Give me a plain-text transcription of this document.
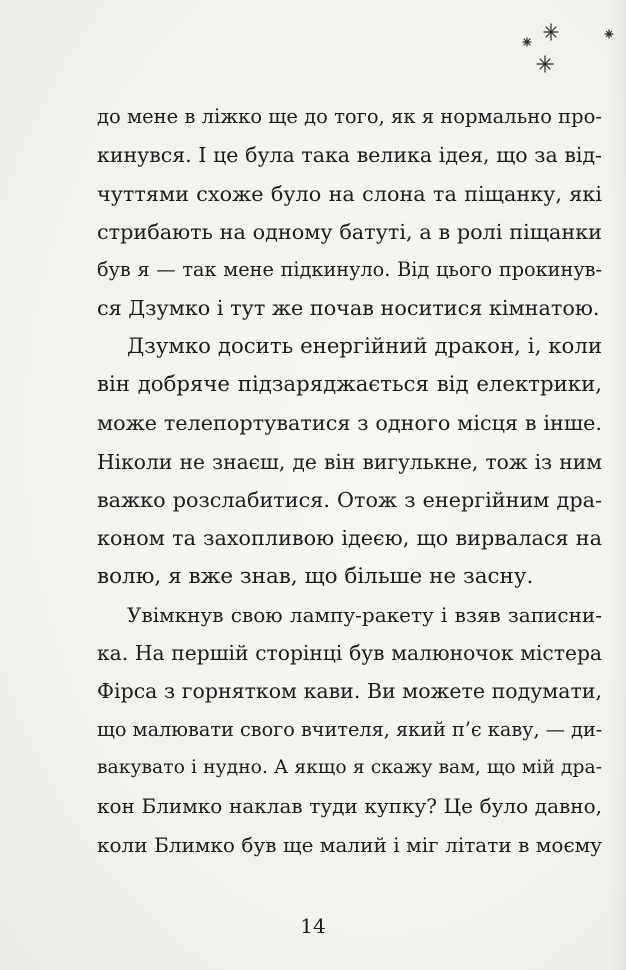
до мене в ліжко ще до того, як я нормально про-
кинувся. І це була така велика ідея, що за від-
чуттями схоже було на слона та піщанку, які
стрибають на одному батуті, а в ролі піщанки
був я — так мене підкинуло. Від цього прокинув-
ся Дзумко і тут же почав носитися кімнатою.
Дзумко досить енергійний дракон, і, коли
він добряче підзаряджається від електрики,
може телепортуватися з одного місця в інше.
Ніколи не знаєш, де він вигулькне, тож із ним
важко розслабитися. Отож з енергійним дра-
коном та захопливою ідеєю, що вирвалася на
волю, я вже знав, що більше не засну.
Увімкнув свою лампу-ракету і взяв записни-
ка. На першій сторінці був малюночок містера
Фірса з горнятком кави. Ви можете подумати,
що малювати свого вчителя, який п’є каву, — ди-
вакувато і нудно. А якщо я скажу вам, що мій дра-
кон Блимко наклав туди купку? Це було давно,
коли Блимко був ще малий і міг літати в моєму
14
